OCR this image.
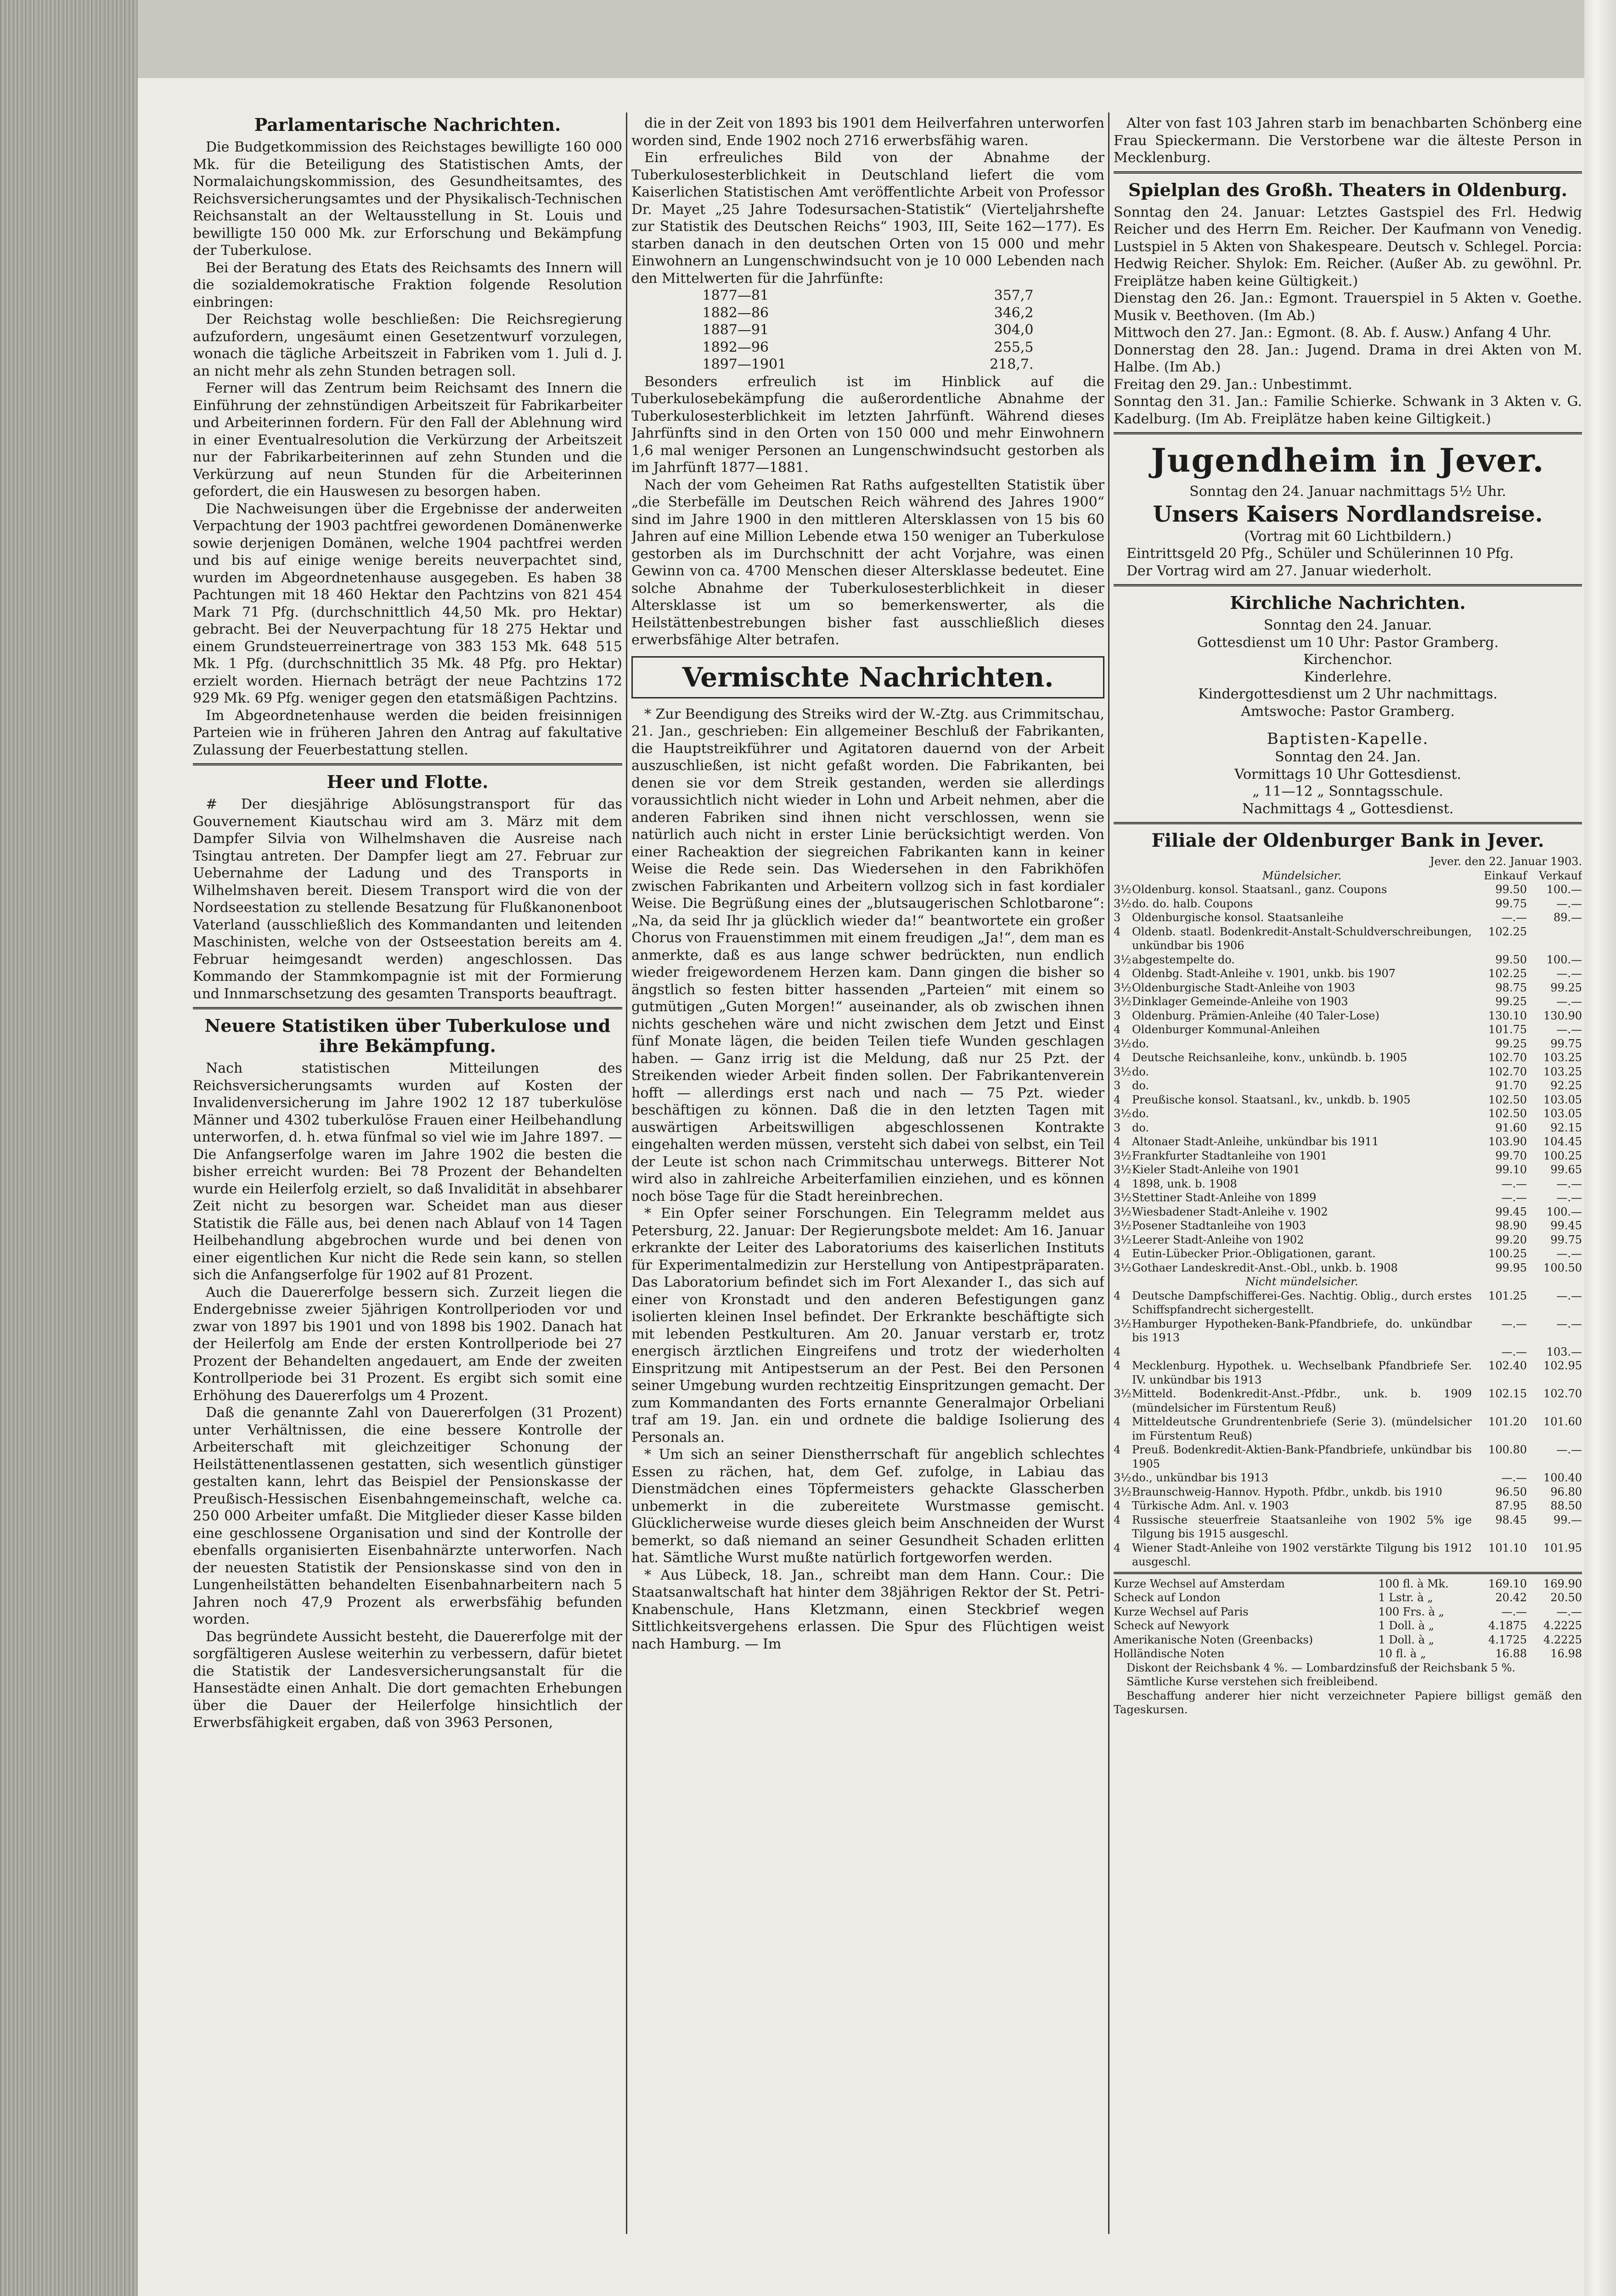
Parlamentarische Nachrichten.

Die Budgetkommission des Reichstages bewilligte 160 000 Mk. für die Beteiligung des Statistischen Amts, der Normalaichungskommission, des Gesundheitsamtes, des Reichsversicherungsamtes und der Physikalisch-Technischen Reichsanstalt an der Weltausstellung in St. Louis und bewilligte 150 000 Mk. zur Erforschung und Bekämpfung der Tuberkulose.

Bei der Beratung des Etats des Reichsamts des Innern will die sozialdemokratische Fraktion folgende Resolution einbringen:

Der Reichstag wolle beschließen: Die Reichsregierung aufzufordern, ungesäumt einen Gesetzentwurf vorzulegen, wonach die tägliche Arbeitszeit in Fabriken vom 1. Juli d. J. an nicht mehr als zehn Stunden betragen soll.

Ferner will das Zentrum beim Reichsamt des Innern die Einführung der zehnstündigen Arbeitszeit für Fabrikarbeiter und Arbeiterinnen fordern. Für den Fall der Ablehnung wird in einer Eventualresolution die Verkürzung der Arbeitszeit nur der Fabrikarbeiterinnen auf zehn Stunden und die Verkürzung auf neun Stunden für die Arbeiterinnen gefordert, die ein Hauswesen zu besorgen haben.

Die Nachweisungen über die Ergebnisse der anderweiten Verpachtung der 1903 pachtfrei gewordenen Domänenwerke sowie derjenigen Domänen, welche 1904 pachtfrei werden und bis auf einige wenige bereits neuverpachtet sind, wurden im Abgeordnetenhause ausgegeben. Es haben 38 Pachtungen mit 18 460 Hektar den Pachtzins von 821 454 Mark 71 Pfg. (durchschnittlich 44,50 Mk. pro Hektar) gebracht. Bei der Neuverpachtung für 18 275 Hektar und einem Grundsteuerreinertrage von 383 153 Mk. 648 515 Mk. 1 Pfg. (durchschnittlich 35 Mk. 48 Pfg. pro Hektar) erzielt worden. Hiernach beträgt der neue Pachtzins 172 929 Mk. 69 Pfg. weniger gegen den etatsmäßigen Pachtzins.

Im Abgeordnetenhause werden die beiden freisinnigen Parteien wie in früheren Jahren den Antrag auf fakultative Zulassung der Feuerbestattung stellen.

Heer und Flotte.

# Der diesjährige Ablösungstransport für das Gouvernement Kiautschau wird am 3. März mit dem Dampfer Silvia von Wilhelmshaven die Ausreise nach Tsingtau antreten. Der Dampfer liegt am 27. Februar zur Uebernahme der Ladung und des Transports in Wilhelmshaven bereit. Diesem Transport wird die von der Nordseestation zu stellende Besatzung für Flußkanonenboot Vaterland (ausschließlich des Kommandanten und leitenden Maschinisten, welche von der Ostseestation bereits am 4. Februar heimgesandt werden) angeschlossen. Das Kommando der Stammkompagnie ist mit der Formierung und Innmarschsetzung des gesamten Transports beauftragt.

Neuere Statistiken über Tuberkulose und ihre Bekämpfung.

Nach statistischen Mitteilungen des Reichsversicherungsamts wurden auf Kosten der Invalidenversicherung im Jahre 1902 12 187 tuberkulöse Männer und 4302 tuberkulöse Frauen einer Heilbehandlung unterworfen, d. h. etwa fünfmal so viel wie im Jahre 1897. — Die Anfangserfolge waren im Jahre 1902 die besten die bisher erreicht wurden: Bei 78 Prozent der Behandelten wurde ein Heilerfolg erzielt, so daß Invalidität in absehbarer Zeit nicht zu besorgen war. Scheidet man aus dieser Statistik die Fälle aus, bei denen nach Ablauf von 14 Tagen Heilbehandlung abgebrochen wurde und bei denen von einer eigentlichen Kur nicht die Rede sein kann, so stellen sich die Anfangserfolge für 1902 auf 81 Prozent.

Auch die Dauererfolge bessern sich. Zurzeit liegen die Endergebnisse zweier 5jährigen Kontrollperioden vor und zwar von 1897 bis 1901 und von 1898 bis 1902. Danach hat der Heilerfolg am Ende der ersten Kontrollperiode bei 27 Prozent der Behandelten angedauert, am Ende der zweiten Kontrollperiode bei 31 Prozent. Es ergibt sich somit eine Erhöhung des Dauererfolgs um 4 Prozent.

Daß die genannte Zahl von Dauererfolgen (31 Prozent) unter Verhältnissen, die eine bessere Kontrolle der Arbeiterschaft mit gleichzeitiger Schonung der Heilstättenentlassenen gestatten, sich wesentlich günstiger gestalten kann, lehrt das Beispiel der Pensionskasse der Preußisch-Hessischen Eisenbahngemeinschaft, welche ca. 250 000 Arbeiter umfaßt. Die Mitglieder dieser Kasse bilden eine geschlossene Organisation und sind der Kontrolle der ebenfalls organisierten Eisenbahnärzte unterworfen. Nach der neuesten Statistik der Pensionskasse sind von den in Lungenheilstätten behandelten Eisenbahnarbeitern nach 5 Jahren noch 47,9 Prozent als erwerbsfähig befunden worden.

Das begründete Aussicht besteht, die Dauererfolge mit der sorgfältigeren Auslese weiterhin zu verbessern, dafür bietet die Statistik der Landesversicherungsanstalt für die Hansestädte einen Anhalt. Die dort gemachten Erhebungen über die Dauer der Heilerfolge hinsichtlich der Erwerbsfähigkeit ergaben, daß von 3963 Personen,

die in der Zeit von 1893 bis 1901 dem Heilverfahren unterworfen worden sind, Ende 1902 noch 2716 erwerbsfähig waren.

Ein erfreuliches Bild von der Abnahme der Tuberkulosesterblichkeit in Deutschland liefert die vom Kaiserlichen Statistischen Amt veröffentlichte Arbeit von Professor Dr. Mayet „25 Jahre Todesursachen-Statistik“ (Vierteljahrshefte zur Statistik des Deutschen Reichs“ 1903, III, Seite 162—177). Es starben danach in den deutschen Orten von 15 000 und mehr Einwohnern an Lungenschwindsucht von je 10 000 Lebenden nach den Mittelwerten für die Jahrfünfte:

1877—81	357,7
1882—86	346,2
1887—91	304,0
1892—96	255,5
1897—1901	218,7.

Besonders erfreulich ist im Hinblick auf die Tuberkulosebekämpfung die außerordentliche Abnahme der Tuberkulosesterblichkeit im letzten Jahrfünft. Während dieses Jahrfünfts sind in den Orten von 150 000 und mehr Einwohnern 1,6 mal weniger Personen an Lungenschwindsucht gestorben als im Jahrfünft 1877—1881.

Nach der vom Geheimen Rat Raths aufgestellten Statistik über „die Sterbefälle im Deutschen Reich während des Jahres 1900“ sind im Jahre 1900 in den mittleren Altersklassen von 15 bis 60 Jahren auf eine Million Lebende etwa 150 weniger an Tuberkulose gestorben als im Durchschnitt der acht Vorjahre, was einen Gewinn von ca. 4700 Menschen dieser Altersklasse bedeutet. Eine solche Abnahme der Tuberkulosesterblichkeit in dieser Altersklasse ist um so bemerkenswerter, als die Heilstättenbestrebungen bisher fast ausschließlich dieses erwerbsfähige Alter betrafen.

Vermischte Nachrichten.

* Zur Beendigung des Streiks wird der W.-Ztg. aus Crimmitschau, 21. Jan., geschrieben: Ein allgemeiner Beschluß der Fabrikanten, die Hauptstreikführer und Agitatoren dauernd von der Arbeit auszuschließen, ist nicht gefaßt worden. Die Fabrikanten, bei denen sie vor dem Streik gestanden, werden sie allerdings voraussichtlich nicht wieder in Lohn und Arbeit nehmen, aber die anderen Fabriken sind ihnen nicht verschlossen, wenn sie natürlich auch nicht in erster Linie berücksichtigt werden. Von einer Racheaktion der siegreichen Fabrikanten kann in keiner Weise die Rede sein. Das Wiedersehen in den Fabrikhöfen zwischen Fabrikanten und Arbeitern vollzog sich in fast kordialer Weise. Die Begrüßung eines der „blutsaugerischen Schlotbarone“: „Na, da seid Ihr ja glücklich wieder da!“ beantwortete ein großer Chorus von Frauenstimmen mit einem freudigen „Ja!“, dem man es anmerkte, daß es aus lange schwer bedrückten, nun endlich wieder freigewordenem Herzen kam. Dann gingen die bisher so ängstlich so festen bitter hassenden „Parteien“ mit einem so gutmütigen „Guten Morgen!“ auseinander, als ob zwischen ihnen nichts geschehen wäre und nicht zwischen dem Jetzt und Einst fünf Monate lägen, die beiden Teilen tiefe Wunden geschlagen haben. — Ganz irrig ist die Meldung, daß nur 25 Pzt. der Streikenden wieder Arbeit finden sollen. Der Fabrikantenverein hofft — allerdings erst nach und nach — 75 Pzt. wieder beschäftigen zu können. Daß die in den letzten Tagen mit auswärtigen Arbeitswilligen abgeschlossenen Kontrakte eingehalten werden müssen, versteht sich dabei von selbst, ein Teil der Leute ist schon nach Crimmitschau unterwegs. Bitterer Not wird also in zahlreiche Arbeiterfamilien einziehen, und es können noch böse Tage für die Stadt hereinbrechen.

* Ein Opfer seiner Forschungen. Ein Telegramm meldet aus Petersburg, 22. Januar: Der Regierungsbote meldet: Am 16. Januar erkrankte der Leiter des Laboratoriums des kaiserlichen Instituts für Experimentalmedizin zur Herstellung von Antipestpräparaten. Das Laboratorium befindet sich im Fort Alexander I., das sich auf einer von Kronstadt und den anderen Befestigungen ganz isolierten kleinen Insel befindet. Der Erkrankte beschäftigte sich mit lebenden Pestkulturen. Am 20. Januar verstarb er, trotz energisch ärztlichen Eingreifens und trotz der wiederholten Einspritzung mit Antipestserum an der Pest. Bei den Personen seiner Umgebung wurden rechtzeitig Einspritzungen gemacht. Der zum Kommandanten des Forts ernannte Generalmajor Orbeliani traf am 19. Jan. ein und ordnete die baldige Isolierung des Personals an.

* Um sich an seiner Dienstherrschaft für angeblich schlechtes Essen zu rächen, hat, dem Gef. zufolge, in Labiau das Dienstmädchen eines Töpfermeisters gehackte Glasscherben unbemerkt in die zubereitete Wurstmasse gemischt. Glücklicherweise wurde dieses gleich beim Anschneiden der Wurst bemerkt, so daß niemand an seiner Gesundheit Schaden erlitten hat. Sämtliche Wurst mußte natürlich fortgeworfen werden.

* Aus Lübeck, 18. Jan., schreibt man dem Hann. Cour.: Die Staatsanwaltschaft hat hinter dem 38jährigen Rektor der St. Petri-Knabenschule, Hans Kletzmann, einen Steckbrief wegen Sittlichkeitsvergehens erlassen. Die Spur des Flüchtigen weist nach Hamburg. — Im

Alter von fast 103 Jahren starb im benachbarten Schönberg eine Frau Spieckermann. Die Verstorbene war die älteste Person in Mecklenburg.

Spielplan des Großh. Theaters in Oldenburg.

Sonntag den 24. Januar: Letztes Gastspiel des Frl. Hedwig Reicher und des Herrn Em. Reicher. Der Kaufmann von Venedig. Lustspiel in 5 Akten von Shakespeare. Deutsch v. Schlegel. Porcia: Hedwig Reicher. Shylok: Em. Reicher. (Außer Ab. zu gewöhnl. Pr. Freiplätze haben keine Gültigkeit.)

Dienstag den 26. Jan.: Egmont. Trauerspiel in 5 Akten v. Goethe. Musik v. Beethoven. (Im Ab.)

Mittwoch den 27. Jan.: Egmont. (8. Ab. f. Ausw.) Anfang 4 Uhr.

Donnerstag den 28. Jan.: Jugend. Drama in drei Akten von M. Halbe. (Im Ab.)

Freitag den 29. Jan.: Unbestimmt.

Sonntag den 31. Jan.: Familie Schierke. Schwank in 3 Akten v. G. Kadelburg. (Im Ab. Freiplätze haben keine Giltigkeit.)

Jugendheim in Jever.

Sonntag den 24. Januar nachmittags 5½ Uhr.

Unsers Kaisers Nordlandsreise.

(Vortrag mit 60 Lichtbildern.)

Eintrittsgeld 20 Pfg., Schüler und Schülerinnen 10 Pfg.

Der Vortrag wird am 27. Januar wiederholt.

Kirchliche Nachrichten.

Sonntag den 24. Januar.

Gottesdienst um 10 Uhr: Pastor Gramberg.

Kirchenchor.

Kinderlehre.

Kindergottesdienst um 2 Uhr nachmittags.

Amtswoche: Pastor Gramberg.

Baptisten-Kapelle.

Sonntag den 24. Jan.

Vormittags 10 Uhr Gottesdienst.

„ 11—12 „ Sonntagsschule.

Nachmittags 4 „ Gottesdienst.

Filiale der Oldenburger Bank in Jever.
Jever. den 22. Januar 1903.
	Mündelsicher.	Einkauf	Verkauf
3½	Oldenburg. konsol. Staatsanl., ganz. Coupons	99.50	100.—
3½	do. do. halb. Coupons	99.75	—.—
3	Oldenburgische konsol. Staatsanleihe	—.—	89.—
4	Oldenb. staatl. Bodenkredit-Anstalt-Schuldverschreibungen, unkündbar bis 1906	102.25	
3½	abgestempelte do.	99.50	100.—
4	Oldenbg. Stadt-Anleihe v. 1901, unkb. bis 1907	102.25	—.—
3½	Oldenburgische Stadt-Anleihe von 1903	98.75	99.25
3½	Dinklager Gemeinde-Anleihe von 1903	99.25	—.—
3	Oldenburg. Prämien-Anleihe (40 Taler-Lose)	130.10	130.90
4	Oldenburger Kommunal-Anleihen	101.75	—.—
3½	do.	99.25	99.75
4	Deutsche Reichsanleihe, konv., unkündb. b. 1905	102.70	103.25
3½	do.	102.70	103.25
3	do.	91.70	92.25
4	Preußische konsol. Staatsanl., kv., unkdb. b. 1905	102.50	103.05
3½	do.	102.50	103.05
3	do.	91.60	92.15
4	Altonaer Stadt-Anleihe, unkündbar bis 1911	103.90	104.45
3½	Frankfurter Stadtanleihe von 1901	99.70	100.25
3½	Kieler Stadt-Anleihe von 1901	99.10	99.65
4	1898, unk. b. 1908	—.—	—.—
3½	Stettiner Stadt-Anleihe von 1899	—.—	—.—
3½	Wiesbadener Stadt-Anleihe v. 1902	99.45	100.—
3½	Posener Stadtanleihe von 1903	98.90	99.45
3½	Leerer Stadt-Anleihe von 1902	99.20	99.75
4	Eutin-Lübecker Prior.-Obligationen, garant.	100.25	—.—
3½	Gothaer Landeskredit-Anst.-Obl., unkb. b. 1908	99.95	100.50
	Nicht mündelsicher.		
4	Deutsche Dampfschifferei-Ges. Nachtig. Oblig., durch erstes Schiffspfandrecht sichergestellt.	101.25	—.—
3½	Hamburger Hypotheken-Bank-Pfandbriefe, do. unkündbar bis 1913	—.—	—.—
4		—.—	103.—
4	Mecklenburg. Hypothek. u. Wechselbank Pfandbriefe Ser. IV. unkündbar bis 1913	102.40	102.95
3½	Mitteld. Bodenkredit-Anst.-Pfdbr., unk. b. 1909 (mündelsicher im Fürstentum Reuß)	102.15	102.70
4	Mitteldeutsche Grundrentenbriefe (Serie 3). (mündelsicher im Fürstentum Reuß)	101.20	101.60
4	Preuß. Bodenkredit-Aktien-Bank-Pfandbriefe, unkündbar bis 1905	100.80	—.—
3½	do., unkündbar bis 1913	—.—	100.40
3½	Braunschweig-Hannov. Hypoth. Pfdbr., unkdb. bis 1910	96.50	96.80
4	Türkische Adm. Anl. v. 1903	87.95	88.50
4	Russische steuerfreie Staatsanleihe von 1902 5% ige Tilgung bis 1915 ausgeschl.	98.45	99.—
4	Wiener Stadt-Anleihe von 1902 verstärkte Tilgung bis 1912 ausgeschl.	101.10	101.95
Kurze Wechsel auf Amsterdam	100 fl. à Mk.	169.10	169.90
Scheck auf London	1 Lstr. à „	20.42	20.50
Kurze Wechsel auf Paris	100 Frs. à „	—.—	—.—
Scheck auf Newyork	1 Doll. à „	4.1875	4.2225
Amerikanische Noten (Greenbacks)	1 Doll. à „	4.1725	4.2225
Holländische Noten	10 fl. à „	16.88	16.98

Diskont der Reichsbank 4 %. — Lombardzinsfuß der Reichsbank 5 %.

Sämtliche Kurse verstehen sich freibleibend.

Beschaffung anderer hier nicht verzeichneter Papiere billigst gemäß den Tageskursen.
